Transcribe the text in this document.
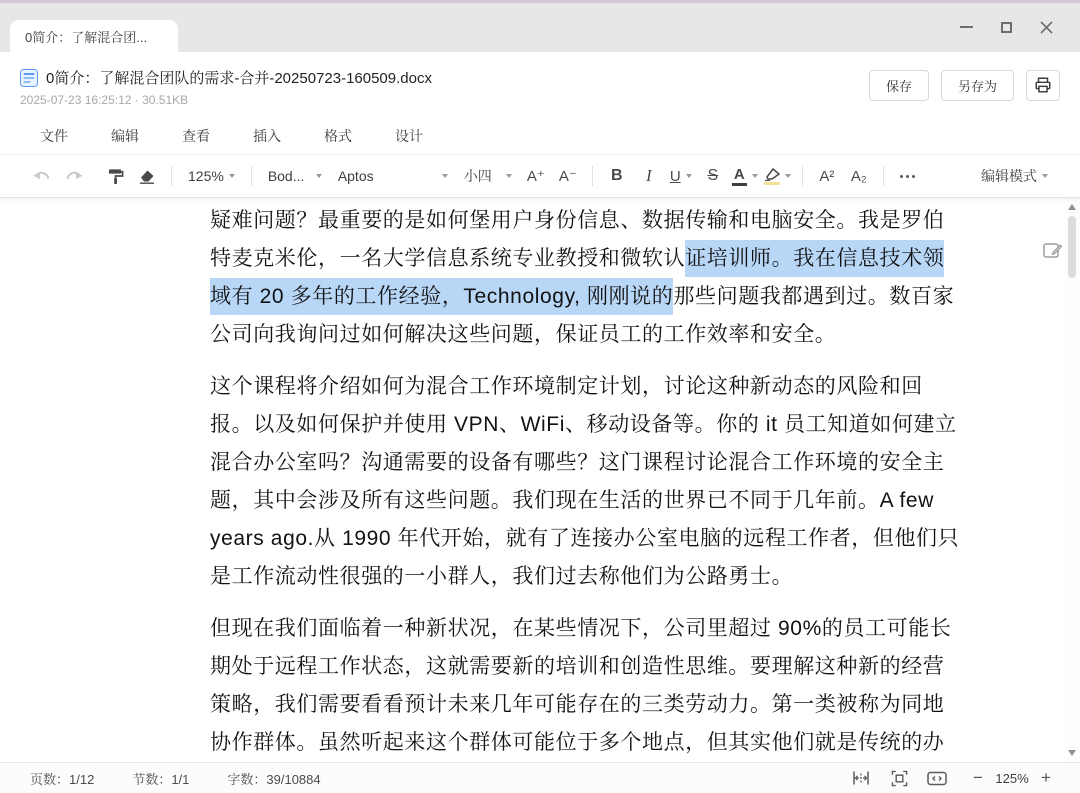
0简介：了解混合团...
0简介：了解混合团队的需求-合并-20250723-160509.docx
2025-07-23 16:25:12 · 30.51KB
保存	另存为
文件	编辑	查看	插入	格式	设计
125%	Bod... Aptos	小四 A⁺ A⁻ B I U S A	A² A₂	编辑模式
疑难问题？最重要的是如何堡用户身份信息、数据传输和电脑安全。我是罗伯
特麦克米伦，一名大学信息系统专业教授和微软认证培训师。我在信息技术领
域有 20 多年的工作经验，Technology, 刚刚说的那些问题我都遇到过。数百家
公司向我询问过如何解决这些问题，保证员工的工作效率和安全。
这个课程将介绍如何为混合工作环境制定计划，讨论这种新动态的风险和回
报。以及如何保护并使用 VPN、WiFi、移动设备等。你的 it 员工知道如何建立
混合办公室吗？沟通需要的设备有哪些？这门课程讨论混合工作环境的安全主
题，其中会涉及所有这些问题。我们现在生活的世界已不同于几年前。A few
years ago.从 1990 年代开始，就有了连接办公室电脑的远程工作者，但他们只
是工作流动性很强的一小群人，我们过去称他们为公路勇士。
但现在我们面临着一种新状况，在某些情况下，公司里超过 90%的员工可能长
期处于远程工作状态，这就需要新的培训和创造性思维。要理解这种新的经营
策略，我们需要看看预计未来几年可能存在的三类劳动力。第一类被称为同地
协作群体。虽然听起来这个群体可能位于多个地点，但其实他们就是传统的办
页数：1/12	节数：1/1	字数：39/10884	− 125% +
